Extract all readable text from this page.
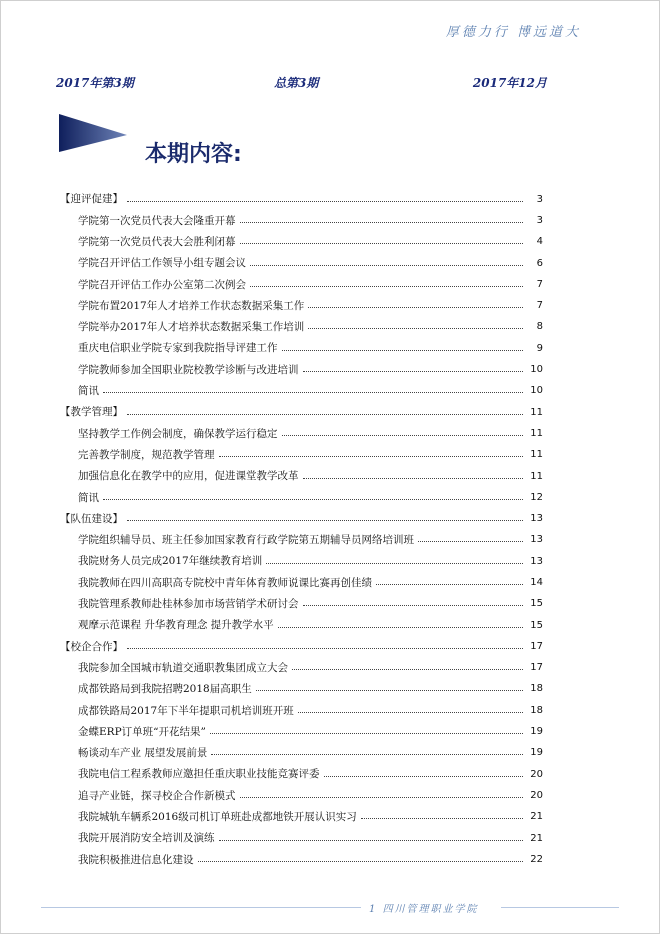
厚德力行 博远道大
2017年第3期	总第3期	2017年12月
本期内容:
【迎评促建】	3
学院第一次党员代表大会隆重开幕	3
学院第一次党员代表大会胜利闭幕	4
学院召开评估工作领导小组专题会议	6
学院召开评估工作办公室第二次例会	7
学院布置2017年人才培养工作状态数据采集工作	7
学院举办2017年人才培养状态数据采集工作培训	8
重庆电信职业学院专家到我院指导评建工作	9
学院教师参加全国职业院校教学诊断与改进培训	10
简讯	10
【教学管理】	11
坚持教学工作例会制度，确保教学运行稳定	11
完善教学制度，规范教学管理	11
加强信息化在教学中的应用，促进课堂教学改革	11
简讯	12
【队伍建设】	13
学院组织辅导员、班主任参加国家教育行政学院第五期辅导员网络培训班	13
我院财务人员完成2017年继续教育培训	13
我院教师在四川高职高专院校中青年体育教师说课比赛再创佳绩	14
我院管理系教师赴桂林参加市场营销学术研讨会	15
观摩示范课程 升华教育理念 提升教学水平	15
【校企合作】	17
我院参加全国城市轨道交通职教集团成立大会	17
成都铁路局到我院招聘2018届高职生	18
成都铁路局2017年下半年提职司机培训班开班	18
金蝶ERP订单班“开花结果”	19
畅谈动车产业 展望发展前景	19
我院电信工程系教师应邀担任重庆职业技能竞赛评委	20
追寻产业链，探寻校企合作新模式	20
我院城轨车辆系2016级司机订单班赴成都地铁开展认识实习	21
我院开展消防安全培训及演练	21
我院积极推进信息化建设	22
1 四川管理职业学院
